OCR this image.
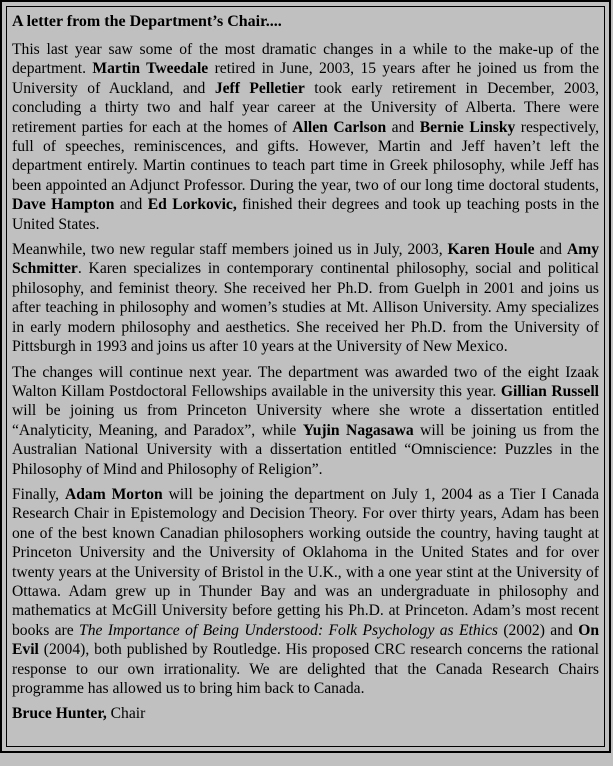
A letter from the Department’s Chair....

This last year saw some of the most dramatic changes in a while to the make-up of the department. Martin Tweedale retired in June, 2003, 15 years after he joined us from the University of Auckland, and Jeff Pelletier took early retirement in December, 2003, concluding a thirty two and half year career at the University of Alberta. There were retirement parties for each at the homes of Allen Carlson and Bernie Linsky respectively, full of speeches, reminiscences, and gifts. However, Martin and Jeff haven’t left the department entirely. Martin continues to teach part time in Greek philosophy, while Jeff has been appointed an Adjunct Professor. During the year, two of our long time doctoral students, Dave Hampton and Ed Lorkovic, finished their degrees and took up teaching posts in the United States.

Meanwhile, two new regular staff members joined us in July, 2003, Karen Houle and Amy Schmitter. Karen specializes in contemporary continental philosophy, social and political philosophy, and feminist theory. She received her Ph.D. from Guelph in 2001 and joins us after teaching in philosophy and women’s studies at Mt. Allison University. Amy specializes in early modern philosophy and aesthetics. She received her Ph.D. from the University of Pittsburgh in 1993 and joins us after 10 years at the University of New Mexico.

The changes will continue next year. The department was awarded two of the eight Izaak Walton Killam Postdoctoral Fellowships available in the university this year. Gillian Russell will be joining us from Princeton University where she wrote a dissertation entitled “Analyticity, Meaning, and Paradox”, while Yujin Nagasawa will be joining us from the Australian National University with a dissertation entitled “Omniscience: Puzzles in the Philosophy of Mind and Philosophy of Religion”.

Finally, Adam Morton will be joining the department on July 1, 2004 as a Tier I Canada Research Chair in Epistemology and Decision Theory. For over thirty years, Adam has been one of the best known Canadian philosophers working outside the country, having taught at Princeton University and the University of Oklahoma in the United States and for over twenty years at the University of Bristol in the U.K., with a one year stint at the University of Ottawa. Adam grew up in Thunder Bay and was an undergraduate in philosophy and mathematics at McGill University before getting his Ph.D. at Princeton. Adam’s most recent books are The Importance of Being Understood: Folk Psychology as Ethics (2002) and On Evil (2004), both published by Routledge. His proposed CRC research concerns the rational response to our own irrationality. We are delighted that the Canada Research Chairs programme has allowed us to bring him back to Canada.

Bruce Hunter, Chair
